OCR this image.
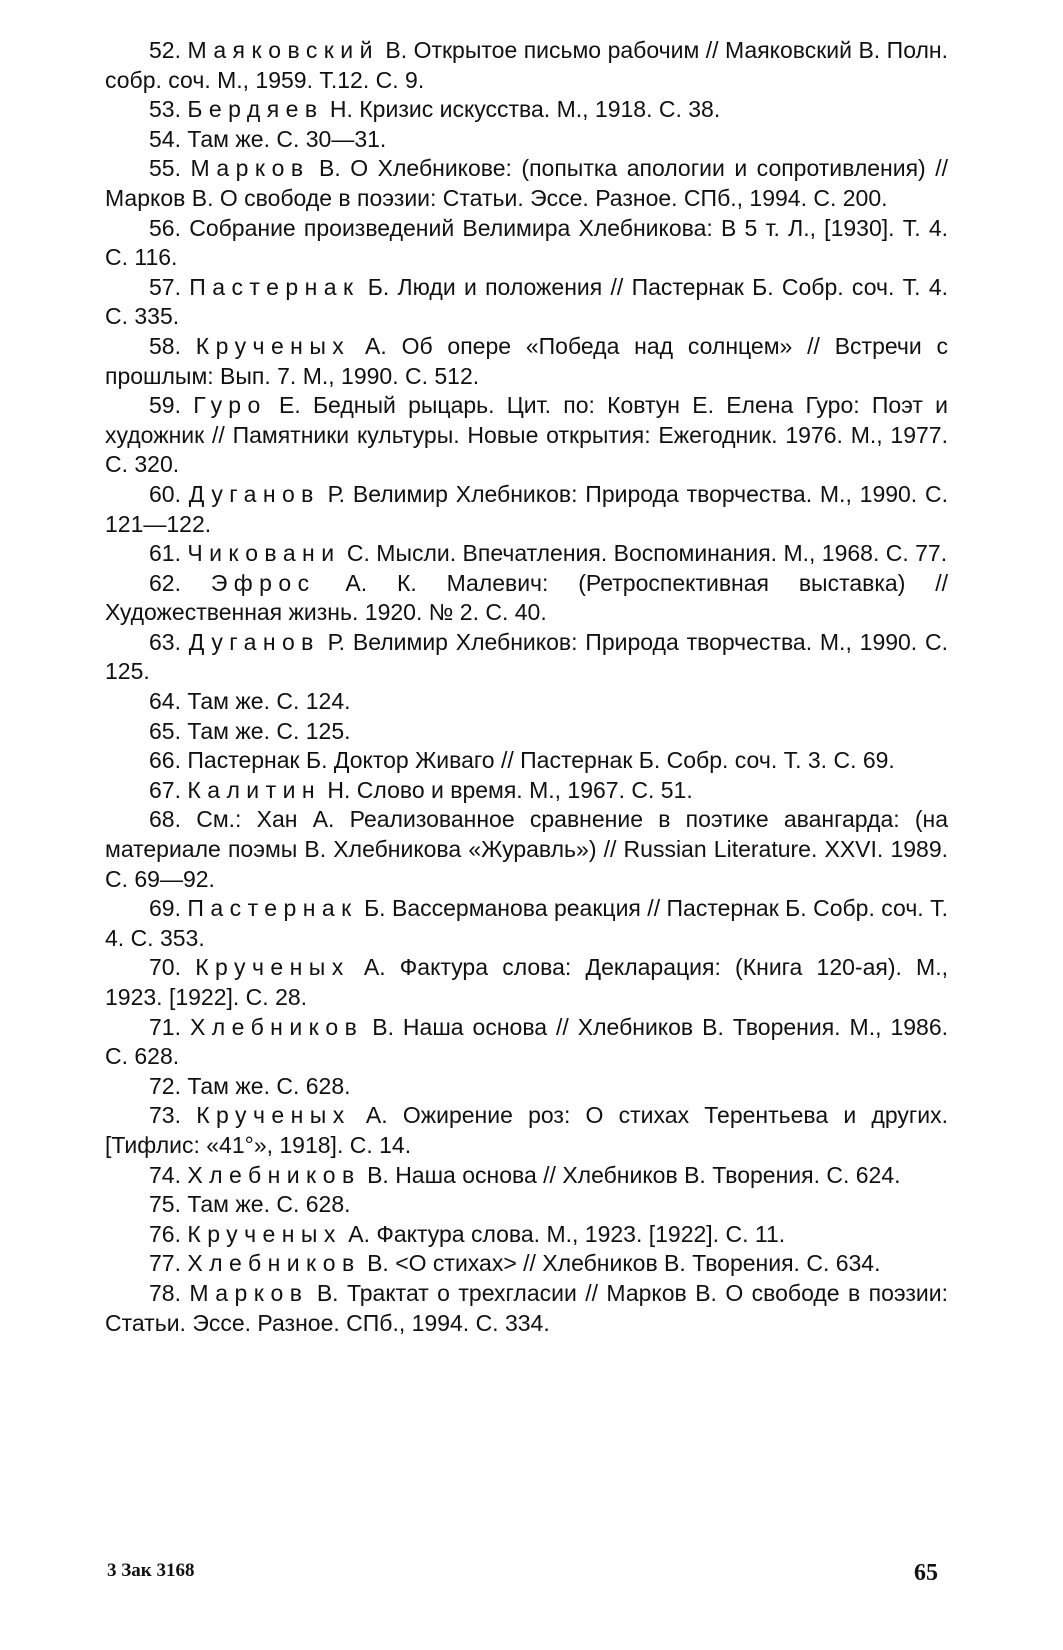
52. Маяковский В. Открытое письмо рабочим // Маяковский В. Полн. собр. соч. М., 1959. Т.12. С. 9.

53. Бердяев Н. Кризис искусства. М., 1918. С. 38.

54. Там же. С. 30—31.

55. Марков В. О Хлебникове: (попытка апологии и сопротивления) // Марков В. О свободе в поэзии: Статьи. Эссе. Разное. СПб., 1994. С. 200.

56. Собрание произведений Велимира Хлебникова: В 5 т. Л., [1930]. Т. 4. С. 116.

57. Пастернак Б. Люди и положения // Пастернак Б. Собр. соч. Т. 4. С. 335.

58. Крученых А. Об опере «Победа над солнцем» // Встречи с прошлым: Вып. 7. М., 1990. С. 512.

59. Гуро Е. Бедный рыцарь. Цит. по: Ковтун Е. Елена Гуро: Поэт и художник // Памятники культуры. Новые открытия: Ежегодник. 1976. М., 1977. С. 320.

60. Дуганов Р. Велимир Хлебников: Природа творчества. М., 1990. С. 121—122.

61. Чиковани С. Мысли. Впечатления. Воспоминания. М., 1968. С. 77.

62. Эфрос А. К. Малевич: (Ретроспективная выставка) // Художественная жизнь. 1920. № 2. С. 40.

63. Дуганов Р. Велимир Хлебников: Природа творчества. М., 1990. С. 125.

64. Там же. С. 124.

65. Там же. С. 125.

66. Пастернак Б. Доктор Живаго // Пастернак Б. Собр. соч. Т. 3. С. 69.

67. Калитин Н. Слово и время. М., 1967. С. 51.

68. См.: Хан А. Реализованное сравнение в поэтике авангарда: (на материале поэмы В. Хлебникова «Журавль») // Russian Literature. XXVI. 1989. С. 69—92.

69. Пастернак Б. Вассерманова реакция // Пастернак Б. Собр. соч. Т. 4. С. 353.

70. Крученых А. Фактура слова: Декларация: (Книга 120-ая). М., 1923. [1922]. С. 28.

71. Хлебников В. Наша основа // Хлебников В. Творения. М., 1986. С. 628.

72. Там же. С. 628.

73. Крученых А. Ожирение роз: О стихах Терентьева и других. [Тифлис: «41°», 1918]. С. 14.

74. Хлебников В. Наша основа // Хлебников В. Творения. С. 624.

75. Там же. С. 628.

76. Крученых А. Фактура слова. М., 1923. [1922]. С. 11.

77. Хлебников В. <О стихах> // Хлебников В. Творения. С. 634.

78. Марков В. Трактат о трехгласии // Марков В. О свободе в поэзии: Статьи. Эссе. Разное. СПб., 1994. С. 334.

3 Зак 3168	65
